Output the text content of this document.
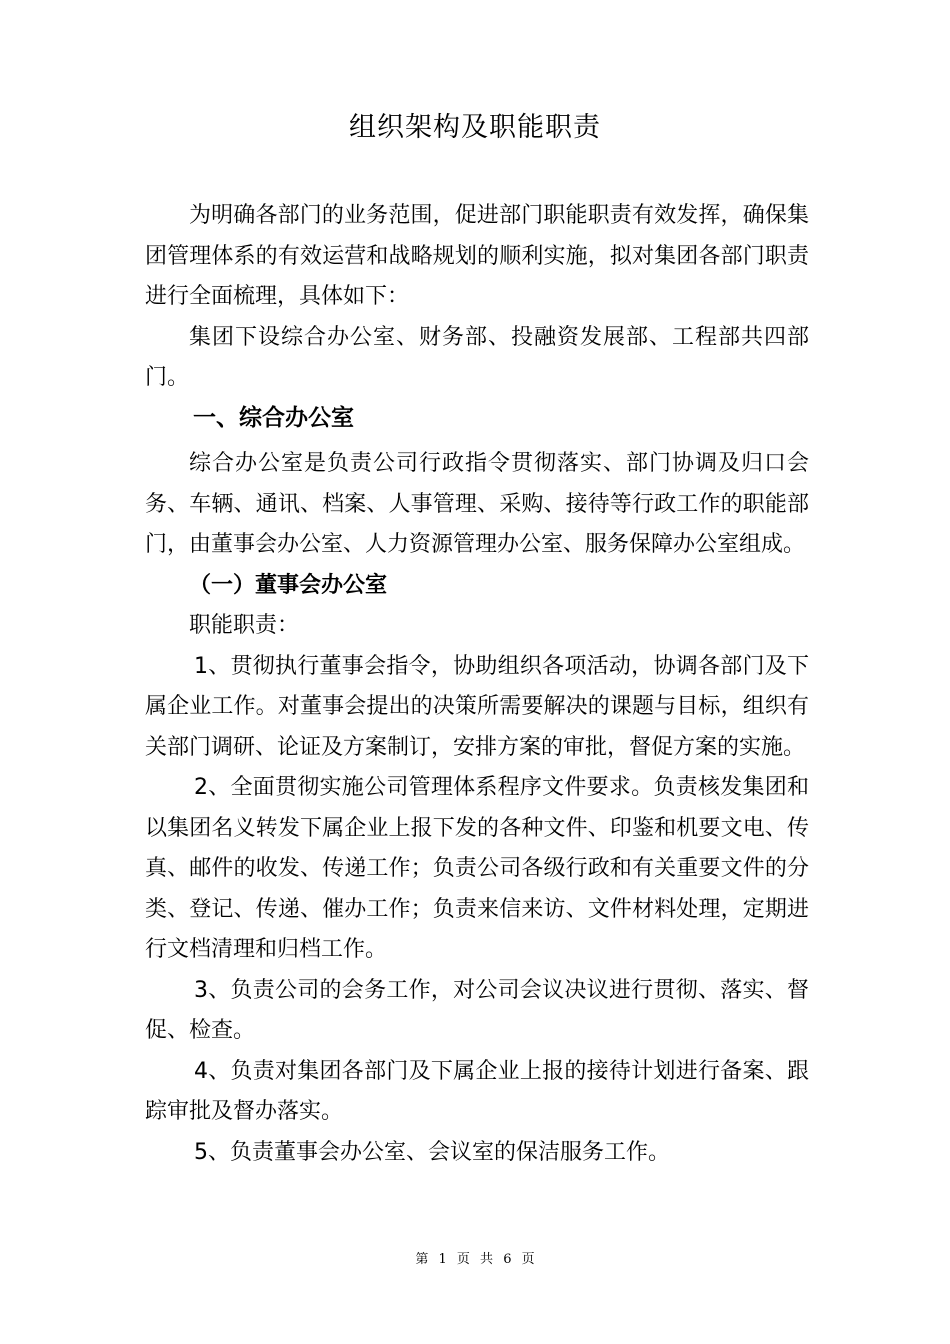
组织架构及职能职责

为明确各部门的业务范围，促进部门职能职责有效发挥，确保集团管理体系的有效运营和战略规划的顺利实施，拟对集团各部门职责进行全面梳理，具体如下：

集团下设综合办公室、财务部、投融资发展部、工程部共四部门。

一、综合办公室

综合办公室是负责公司行政指令贯彻落实、部门协调及归口会务、车辆、通讯、档案、人事管理、采购、接待等行政工作的职能部门，由董事会办公室、人力资源管理办公室、服务保障办公室组成。

（一）董事会办公室

职能职责：

1、贯彻执行董事会指令，协助组织各项活动，协调各部门及下属企业工作。对董事会提出的决策所需要解决的课题与目标，组织有关部门调研、论证及方案制订，安排方案的审批，督促方案的实施。

2、全面贯彻实施公司管理体系程序文件要求。负责核发集团和以集团名义转发下属企业上报下发的各种文件、印鉴和机要文电、传真、邮件的收发、传递工作；负责公司各级行政和有关重要文件的分类、登记、传递、催办工作；负责来信来访、文件材料处理，定期进行文档清理和归档工作。

3、负责公司的会务工作，对公司会议决议进行贯彻、落实、督促、检查。

4、负责对集团各部门及下属企业上报的接待计划进行备案、跟踪审批及督办落实。

5、负责董事会办公室、会议室的保洁服务工作。

第 1 页 共 6 页
